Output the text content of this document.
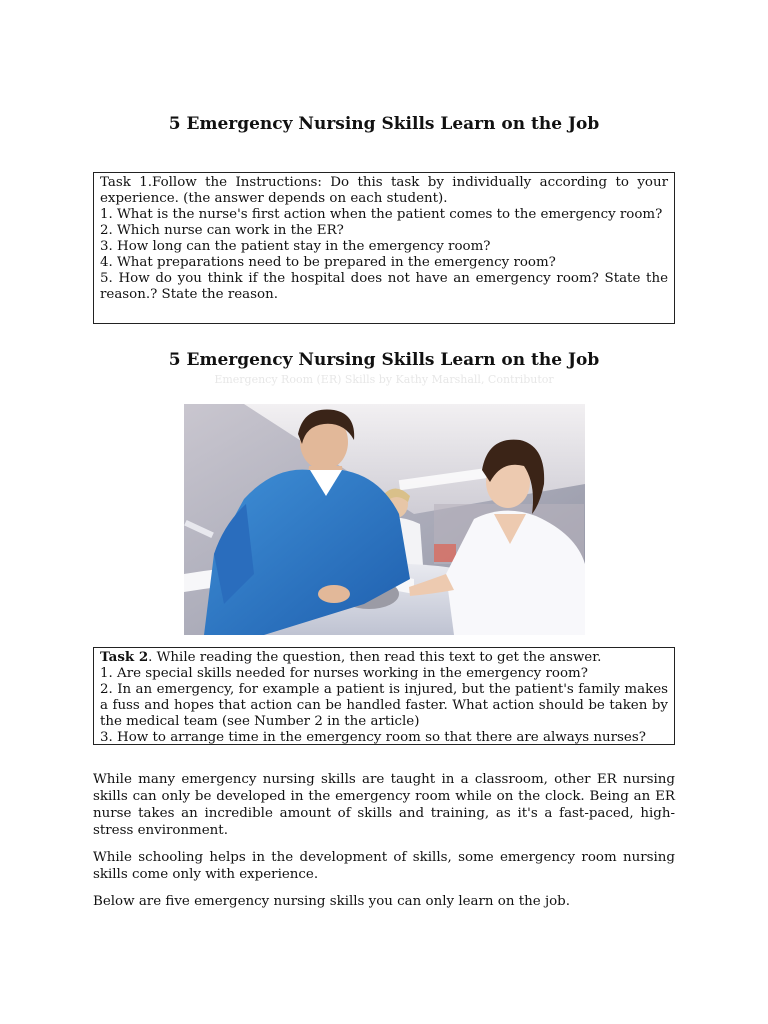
5 Emergency Nursing Skills Learn on the Job

Task 1.Follow the Instructions: Do this task by individually according to your experience. (the answer depends on each student).

1. What is the nurse's first action when the patient comes to the emergency room?

2. Which nurse can work in the ER?

3. How long can the patient stay in the emergency room?

4. What preparations need to be prepared in the emergency room?

5. How do you think if the hospital does not have an emergency room? State the reason.? State the reason.

5 Emergency Nursing Skills Learn on the Job

Emergency Room (ER) Skills by Kathy Marshall, Contributor

Task 2. While reading the question, then read this text to get the answer.

1. Are special skills needed for nurses working in the emergency room?

2. In an emergency, for example a patient is injured, but the patient's family makes a fuss and hopes that action can be handled faster. What action should be taken by the medical team (see Number 2 in the article)

3. How to arrange time in the emergency room so that there are always nurses?

While many emergency nursing skills are taught in a classroom, other ER nursing skills can only be developed in the emergency room while on the clock. Being an ER nurse takes an incredible amount of skills and training, as it's a fast-paced, high-stress environment.

While schooling helps in the development of skills, some emergency room nursing skills come only with experience.

Below are five emergency nursing skills you can only learn on the job.
